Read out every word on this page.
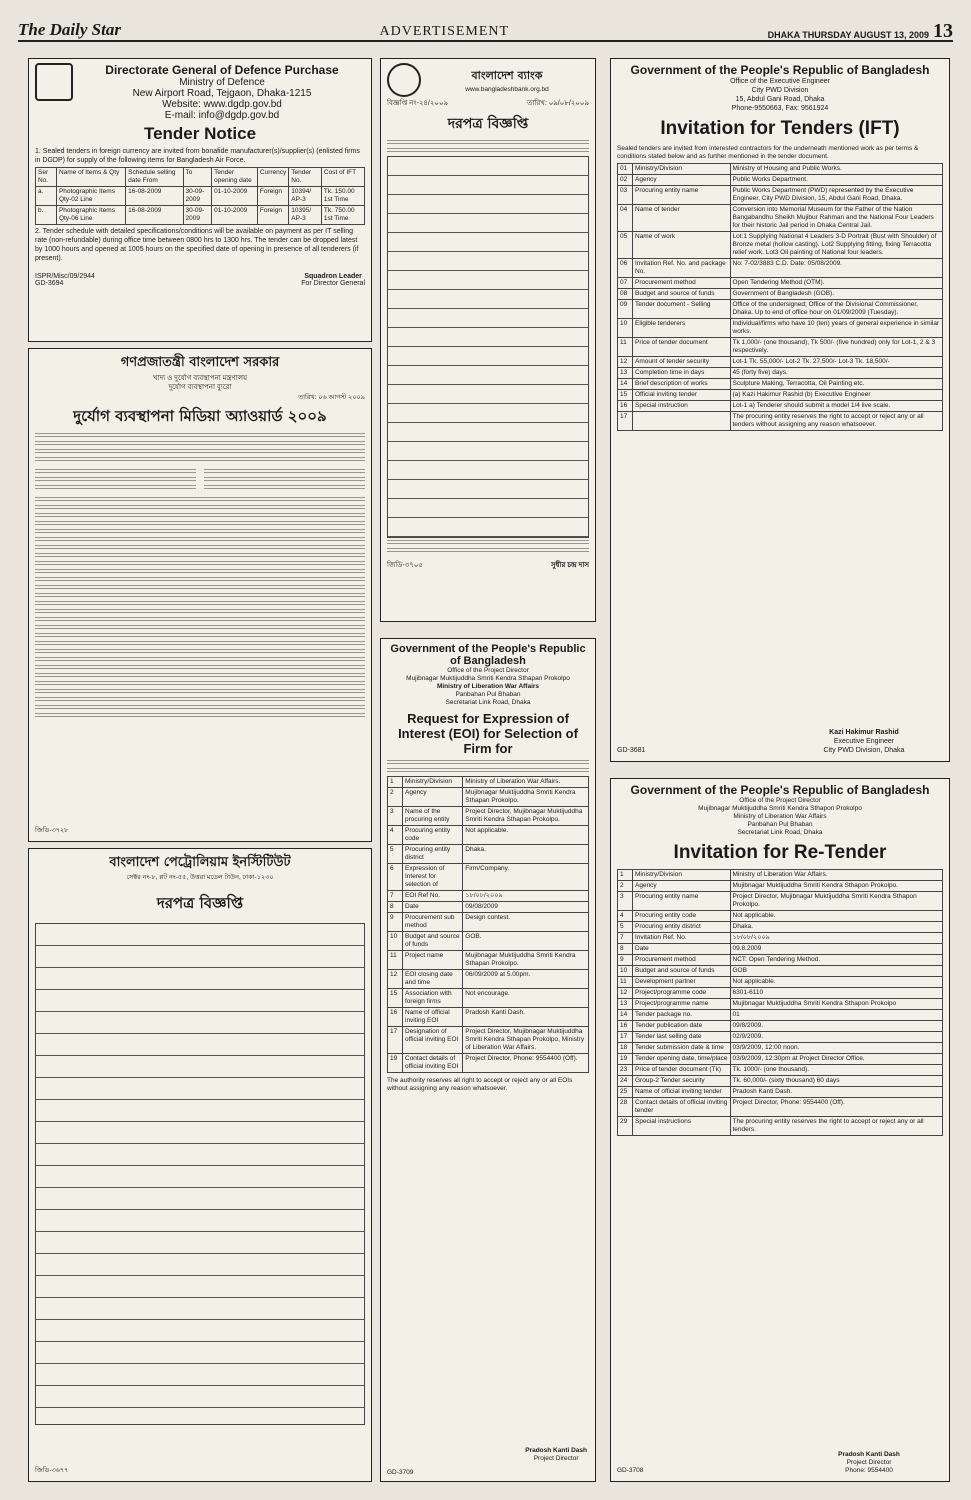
The Daily Star	ADVERTISEMENT	DHAKA THURSDAY AUGUST 13, 2009 13
Directorate General of Defence Purchase
Ministry of Defence
New Airport Road, Tejgaon, Dhaka-1215
Website: www.dgdp.gov.bd
E-mail: info@dgdp.gov.bd
Tender Notice
1. Sealed tenders in foreign currency are invited from bonafide manufacturer(s)/supplier(s) (enlisted firms in DGDP) for supply of the following items for Bangladesh Air Force.
Ser No.	Name of Items & Qty	Schedule selling date From	To	Tender opening date	Currency	Tender No.	Cost of IFT
a.	Photographic Items Qty-02 Line	16-08-2009	30-09-2009	01-10-2009	Foreign	10394/ AP-3	Tk. 150.00 1st Time
b.	Photographic Items Qty-06 Line	16-08-2009	30-09-2009	01-10-2009	Foreign	10395/ AP-3	Tk. 750.00 1st Time
2. Tender schedule with detailed specifications/conditions will be available on payment as per IT selling rate (non-refundable) during office time between 0800 hrs to 1300 hrs. The tender can be dropped latest by 1000 hours and opened at 1005 hours on the specified date of opening in presence of all tenderers (if present).
ISPR/Misc/09/2944
GD-3694
Squadron Leader
For Director General
বাংলাদেশ ব্যাংক
www.bangladeshbank.org.bd
বিজ্ঞপ্তি নং-২৪/২০০৯	তারিখ: ০৯/০৮/২০০৯
দরপত্র বিজ্ঞপ্তি
জিডি-৩৭০৫	সুধীর চন্দ্র দাস
Government of the People's Republic of Bangladesh
Office of the Executive Engineer
City PWD Division
15, Abdul Gani Road, Dhaka
Phone-9550663, Fax: 9561924
Invitation for Tenders (IFT)
Sealed tenders are invited from interested contractors for the underneath mentioned work as per terms & conditions stated below and as further mentioned in the tender document.
01	Ministry/Division	Ministry of Housing and Public Works.
02	Agency	Public Works Department.
03	Procuring entity name	Public Works Department (PWD) represented by the Executive Engineer, City PWD Division, 15, Abdul Gani Road, Dhaka.
04	Name of tender	Conversion into Memorial Museum for the Father of the Nation Bangabandhu Sheikh Mujibur Rahman and the National Four Leaders for their historic Jail period in Dhaka Central Jail.
05	Name of work	Lot:1 Supplying National 4 Leaders 3-D Portrait (Bust with Shoulder) of Bronze metal (hollow casting). Lot2 Supplying fitting, fixing Terracotta relief work. Lot3 Oil painting of National four leaders.
06	Invitation Ref. No. and package No.	No: 7-02/3883 C.D. Date: 05/08/2009.
07	Procurement method	Open Tendering Method (OTM).
08	Budget and source of funds	Government of Bangladesh (GOB).
09	Tender document - Selling	Office of the undersigned; Office of the Divisional Commissioner, Dhaka. Up to end of office hour on 01/09/2009 (Tuesday).
10	Eligible tenderers	Individual/firms who have 10 (ten) years of general experience in similar works.
11	Price of tender document	Tk 1,000/- (one thousand), Tk 500/- (five hundred) only for Lot-1, 2 & 3 respectively.
12	Amount of tender security	Lot-1 Tk. 55,000/- Lot-2 Tk. 27,500/- Lot-3 Tk. 18,500/-
13	Completion time in days	45 (forty five) days.
14	Brief description of works	Sculpture Making, Terracotta, Oil Painting etc.
15	Official inviting tender	(a) Kazi Hakimur Rashid (b) Executive Engineer
16	Special instruction	Lot-1 a) Tenderer should submit a model 1/4 live scale.
17		The procuring entity reserves the right to accept or reject any or all tenders without assigning any reason whatsoever.
Kazi Hakimur Rashid
Executive Engineer
City PWD Division, Dhaka
GD-3681
গণপ্রজাতন্ত্রী বাংলাদেশ সরকার
খাদ্য ও দুর্যোগ ব্যবস্থাপনা মন্ত্রণালয়
দুর্যোগ ব্যবস্থাপনা ব্যুরো
তারিখ: ০৬ আগস্ট ২০০৯
দুর্যোগ ব্যবস্থাপনা মিডিয়া অ্যাওয়ার্ড ২০০৯
জিডি-৩৭২৮
বাংলাদেশ পেট্রোলিয়াম ইনস্টিটিউট
সেক্টর নং-৮, প্লট নং-৫৫, উত্তরা মডেল টাউন, ঢাকা-১২৩০
দরপত্র বিজ্ঞপ্তি
জিডি-৩৬৭৭
Government of the People's Republic of Bangladesh
Office of the Project Director
Mujibnagar Muktijuddha Smriti Kendra Sthapan Prokolpo
Ministry of Liberation War Affairs
Panbahan Pul Bhaban
Secretariat Link Road, Dhaka
Request for Expression of Interest (EOI) for Selection of Firm for
1	Ministry/Division	Ministry of Liberation War Affairs.
2	Agency	Mujibnagar Muktijuddha Smriti Kendra Sthapan Prokolpo.
3	Name of the procuring entity	Project Director, Mujibnagar Muktijuddha Smriti Kendra Sthapan Prokolpo.
4	Procuring entity code	Not applicable.
5	Procuring entity district	Dhaka.
6	Expression of Interest for selection of	Firm/Company.
7	EOI Ref No.	১৮/০৮/২০০৯
8	Date	09/08/2009
9	Procurement sub method	Design contest.
10	Budget and source of funds	GOB.
11	Project name	Mujibnagar Muktijuddha Smriti Kendra Sthapan Prokolpo.
12	EOI closing date and time	06/09/2009 at 5.00pm.
15	Association with foreign firms	Not encourage.
16	Name of official inviting EOI	Pradosh Kanti Dash.
17	Designation of official inviting EOI	Project Director, Mujibnagar Muktijuddha Smriti Kendra Sthapan Prokolpo, Ministry of Liberation War Affairs.
19	Contact details of official inviting EOI	Project Director, Phone: 9554400 (Off).
The authority reserves all right to accept or reject any or all EOIs without assigning any reason whatsoever.
Pradosh Kanti Dash
Project Director
GD-3709
Government of the People's Republic of Bangladesh
Office of the Project Director
Mujibnagar Muktijuddha Smriti Kendra Sthapon Prokolpo
Ministry of Liberation War Affairs
Panbahan Pul Bhaban
Secretariat Link Road, Dhaka
Invitation for Re-Tender
1	Ministry/Division	Ministry of Liberation War Affairs.
2	Agency	Mujibnagar Muktijuddha Smriti Kendra Sthapon Prokolpo.
3	Procuring entity name	Project Director, Mujibnagar Muktijuddha Smriti Kendra Sthapon Prokolpo.
4	Procuring entity code	Not applicable.
5	Procuring entity district	Dhaka.
7	Invitation Ref. No.	১৮/০৮/২০০৯
8	Date	09.8.2009
9	Procurement method	NCT: Open Tendering Method.
10	Budget and source of funds	GOB
11	Development partner	Not applicable.
12	Project/programme code	6301-6110
13	Project/programme name	Mujibnagar Muktijuddha Smriti Kendra Sthapon Prokolpo
14	Tender package no.	01
16	Tender publication date	09/8/2009.
17	Tender last selling date	02/9/2009.
18	Tender submission date & time	03/9/2009, 12:00 noon.
19	Tender opening date, time/place	03/9/2009, 12:30pm at Project Director Office.
23	Price of tender document (Tk)	Tk. 1000/- (one thousand).
24	Group-2 Tender security	Tk. 60,000/- (sixty thousand) 60 days
25	Name of official inviting tender	Pradosh Kanti Dash.
28	Contact details of official inviting tender	Project Director, Phone: 9554400 (Off).
29	Special instructions	The procuring entity reserves the right to accept or reject any or all tenders.
Pradosh Kanti Dash
Project Director
Phone: 9554400
GD-3708
